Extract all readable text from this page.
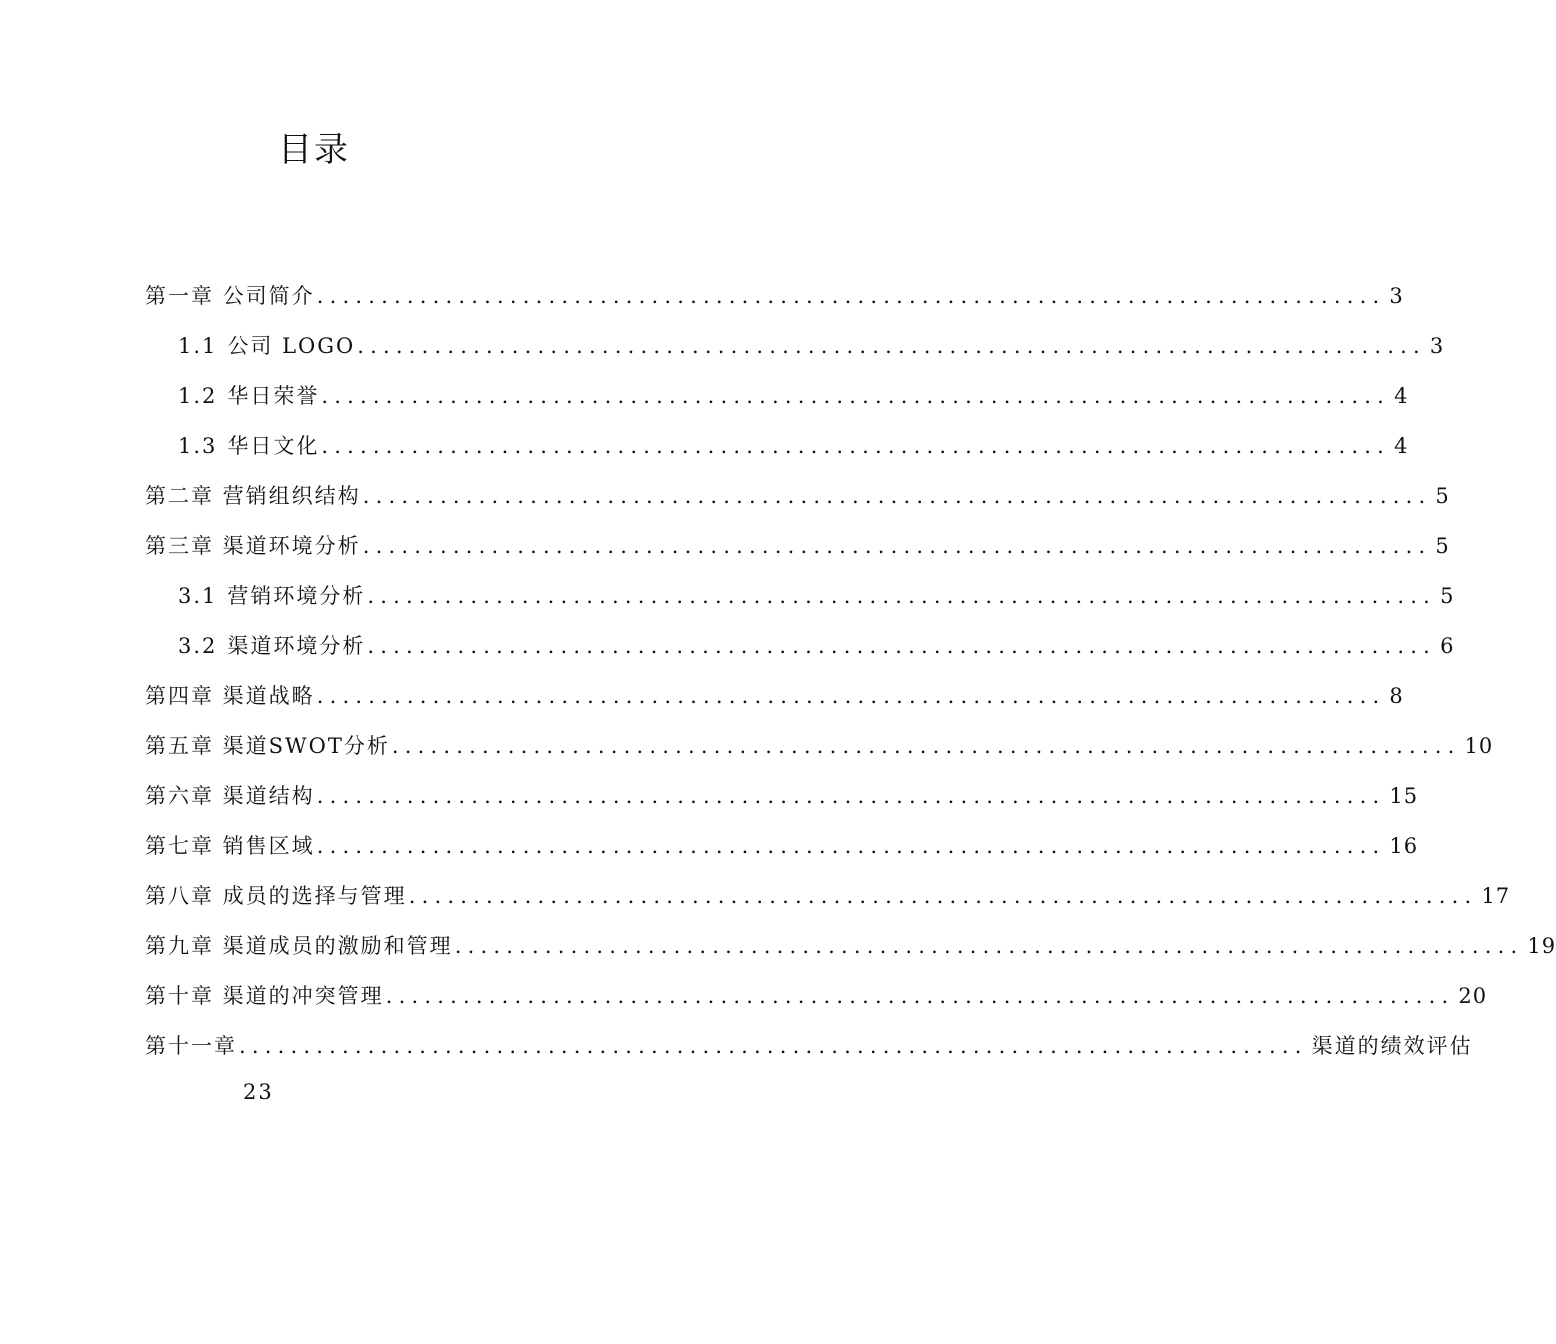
目录
第一章 公司简介 ................................................................................... 3
1.1 公司 LOGO ................................................................................... 3
1.2 华日荣誉 ................................................................................... 4
1.3 华日文化 ................................................................................... 4
第二章 营销组织结构 ................................................................................... 5
第三章 渠道环境分析 ................................................................................... 5
3.1 营销环境分析 ................................................................................... 5
3.2 渠道环境分析 ................................................................................... 6
第四章 渠道战略 ................................................................................... 8
第五章 渠道SWOT分析 ................................................................................... 10
第六章 渠道结构 ................................................................................... 15
第七章 销售区域 ................................................................................... 16
第八章 成员的选择与管理 ................................................................................... 17
第九章 渠道成员的激励和管理 ................................................................................... 19
第十章 渠道的冲突管理 ................................................................................... 20
第十一章 ................................................................................... 渠道的绩效评估
23
